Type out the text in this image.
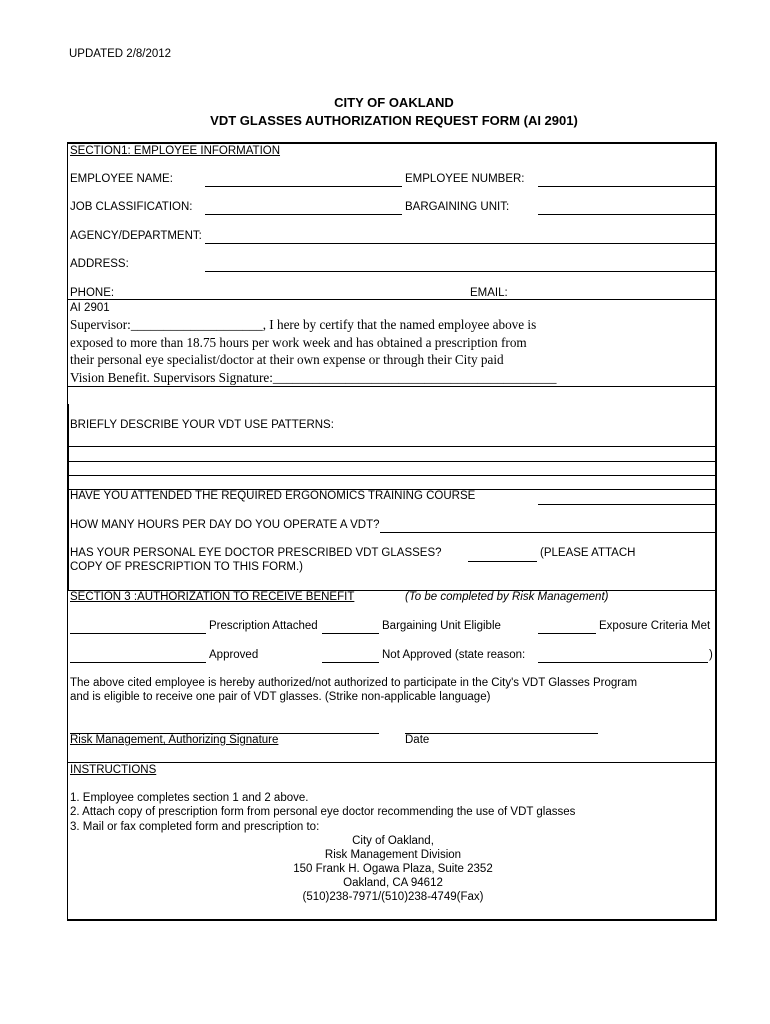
UPDATED 2/8/2012
CITY OF OAKLAND
VDT GLASSES AUTHORIZATION REQUEST FORM (AI 2901)
SECTION1: EMPLOYEE INFORMATION
EMPLOYEE NAME:	EMPLOYEE NUMBER:
JOB CLASSIFICATION:	BARGAINING UNIT:
AGENCY/DEPARTMENT:
ADDRESS:
PHONE:	EMAIL:
AI 2901
Supervisor:____________________, I here by certify that the named employee above is
exposed to more than 18.75 hours per work week and has obtained a prescription from
their personal eye specialist/doctor at their own expense or through their City paid
Vision Benefit. Supervisors Signature:___________________________________________
BRIEFLY DESCRIBE YOUR VDT USE PATTERNS:
HAVE YOU ATTENDED THE REQUIRED ERGONOMICS TRAINING COURSE
HOW MANY HOURS PER DAY DO YOU OPERATE A VDT?
HAS YOUR PERSONAL EYE DOCTOR PRESCRIBED VDT GLASSES?	(PLEASE ATTACH
COPY OF PRESCRIPTION TO THIS FORM.)
SECTION 3 :AUTHORIZATION TO RECEIVE BENEFIT	(To be completed by Risk Management)
Prescription Attached	Bargaining Unit Eligible	Exposure Criteria Met
Approved	Not Approved (state reason:	)
The above cited employee is hereby authorized/not authorized to participate in the City's VDT Glasses Program
and is eligible to receive one pair of VDT glasses. (Strike non-applicable language)
Risk Management, Authorizing Signature	Date
INSTRUCTIONS
1. Employee completes section 1 and 2 above.
2. Attach copy of prescription form from personal eye doctor recommending the use of VDT glasses
3. Mail or fax completed form and prescription to:
City of Oakland,
Risk Management Division
150 Frank H. Ogawa Plaza, Suite 2352
Oakland, CA 94612
(510)238-7971/(510)238-4749(Fax)
